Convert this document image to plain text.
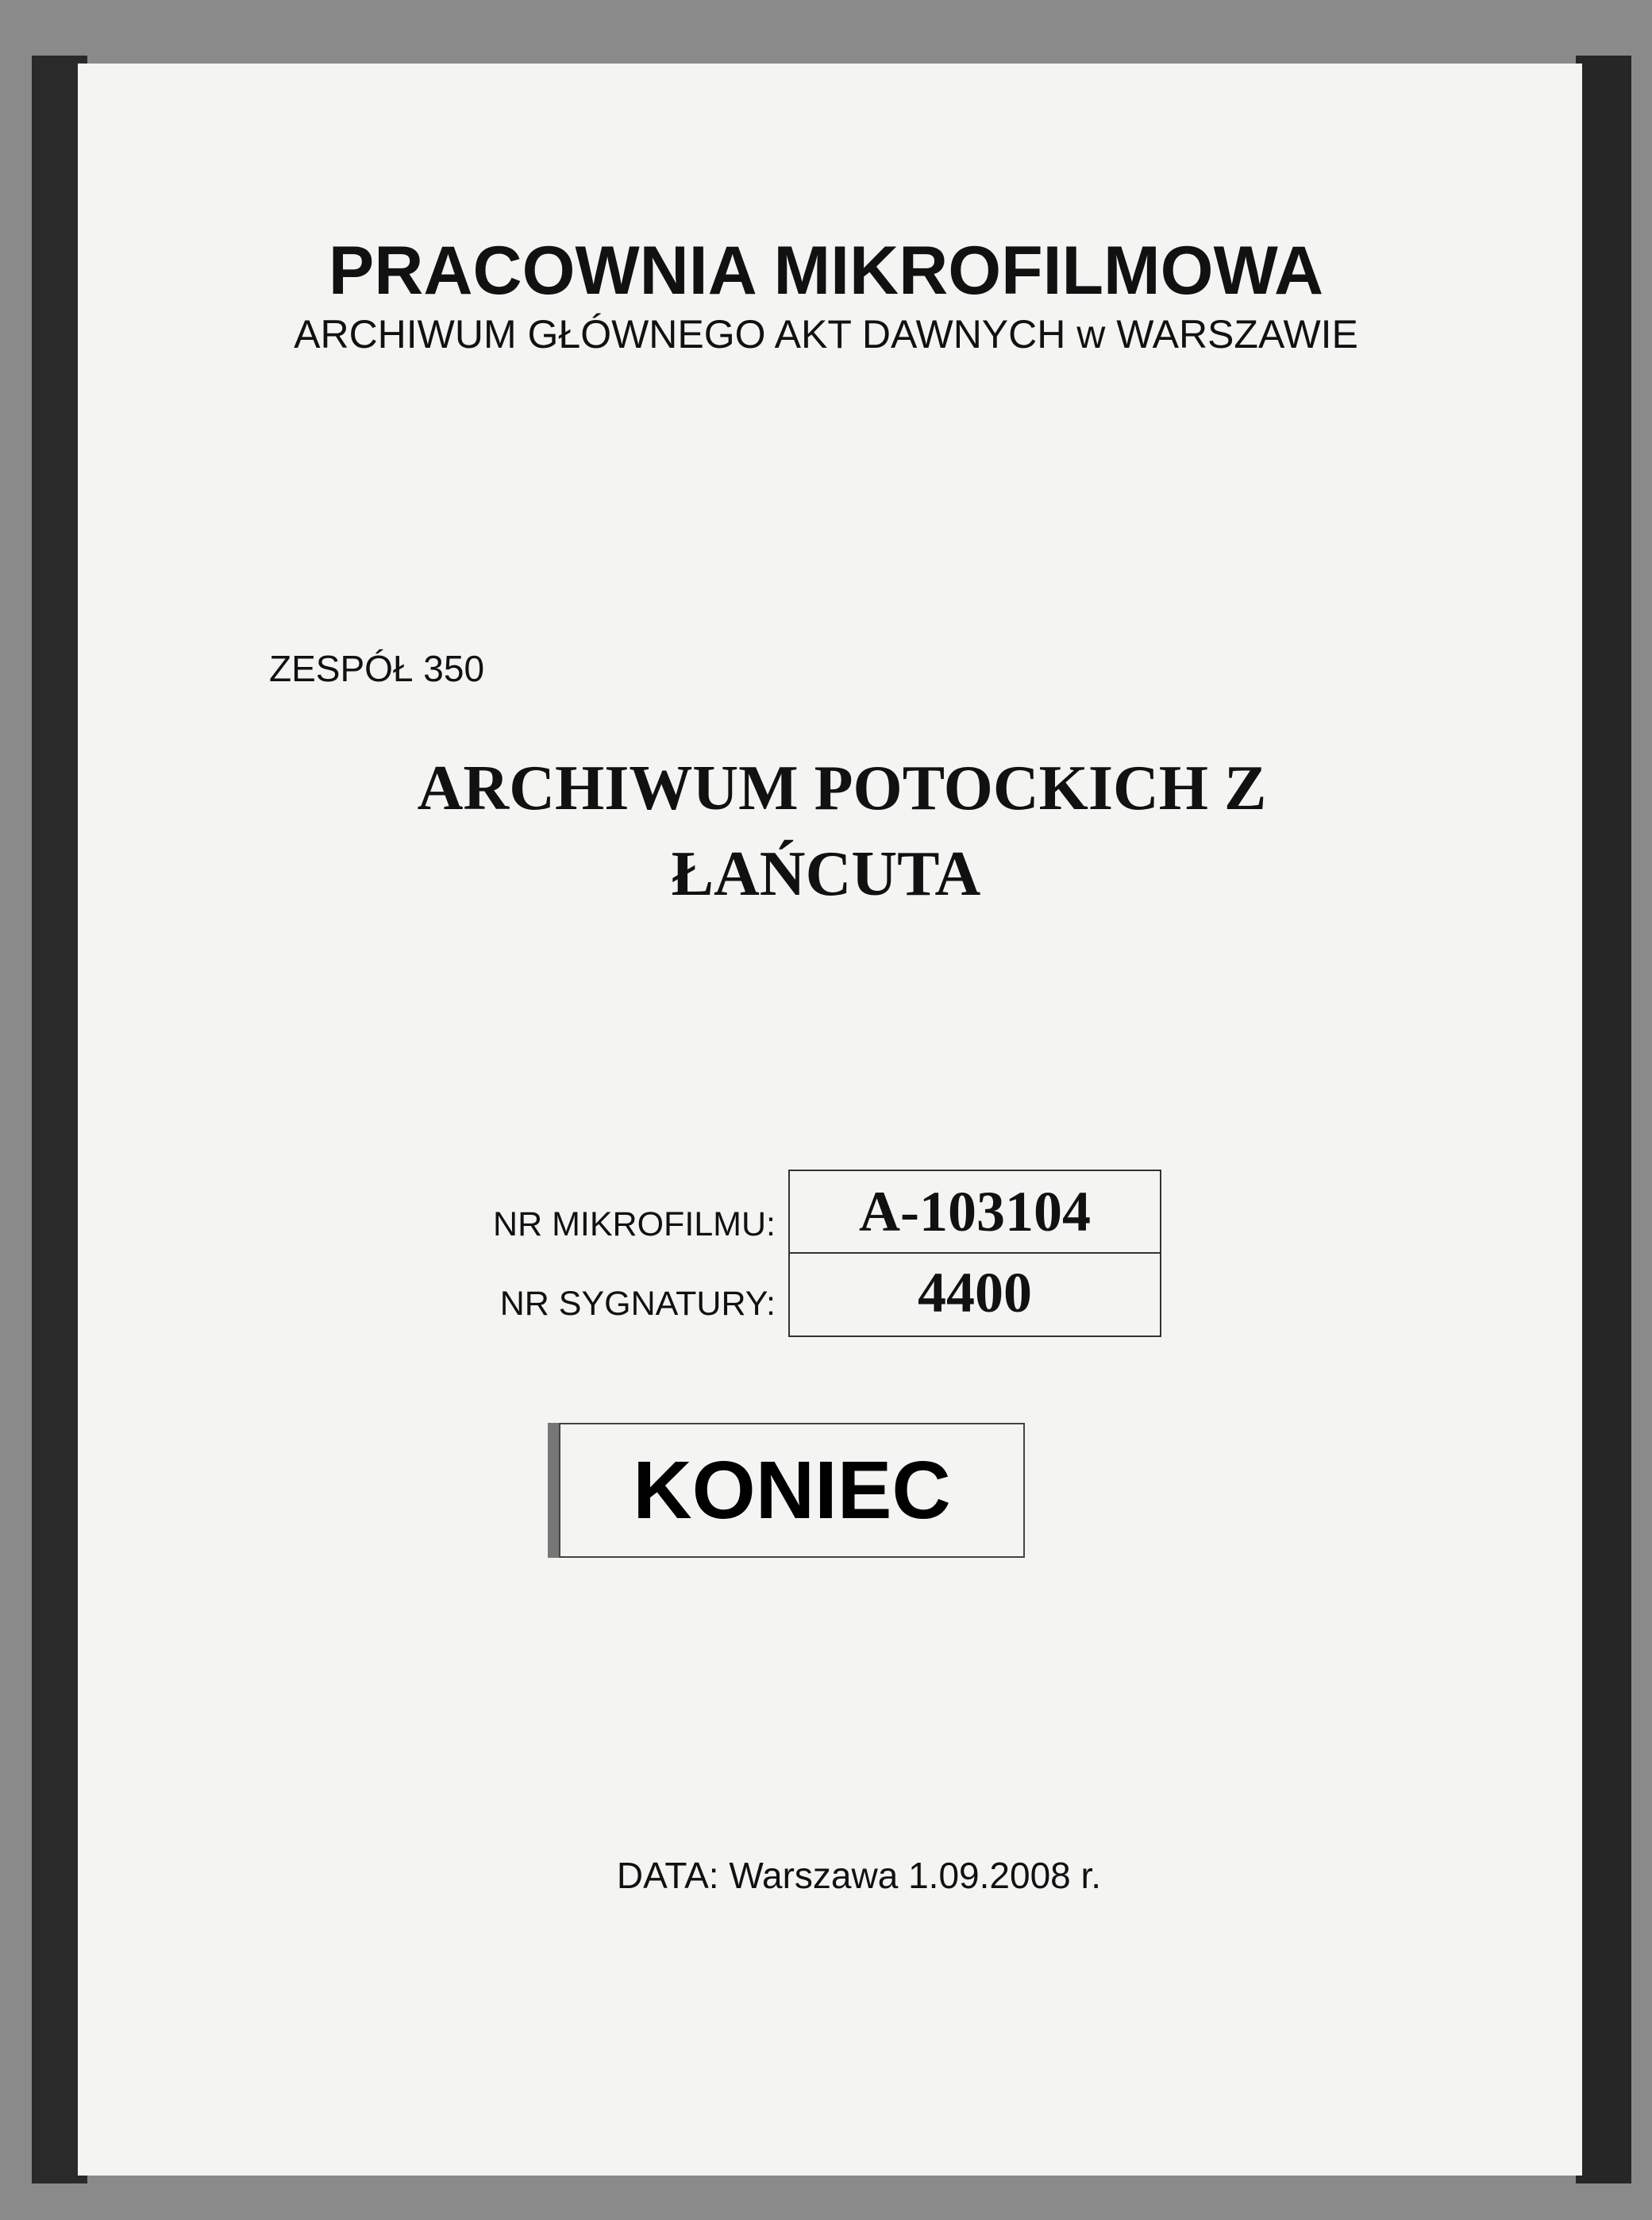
PRACOWNIA MIKROFILMOWA
ARCHIWUM GŁÓWNEGO AKT DAWNYCH w WARSZAWIE
ZESPÓŁ 350
ARCHIWUM POTOCKICH Z
ŁAŃCUTA
NR MIKROFILMU:
NR SYGNATURY:
A-103104
4400
KONIEC
DATA: Warszawa 1.09.2008 r.
